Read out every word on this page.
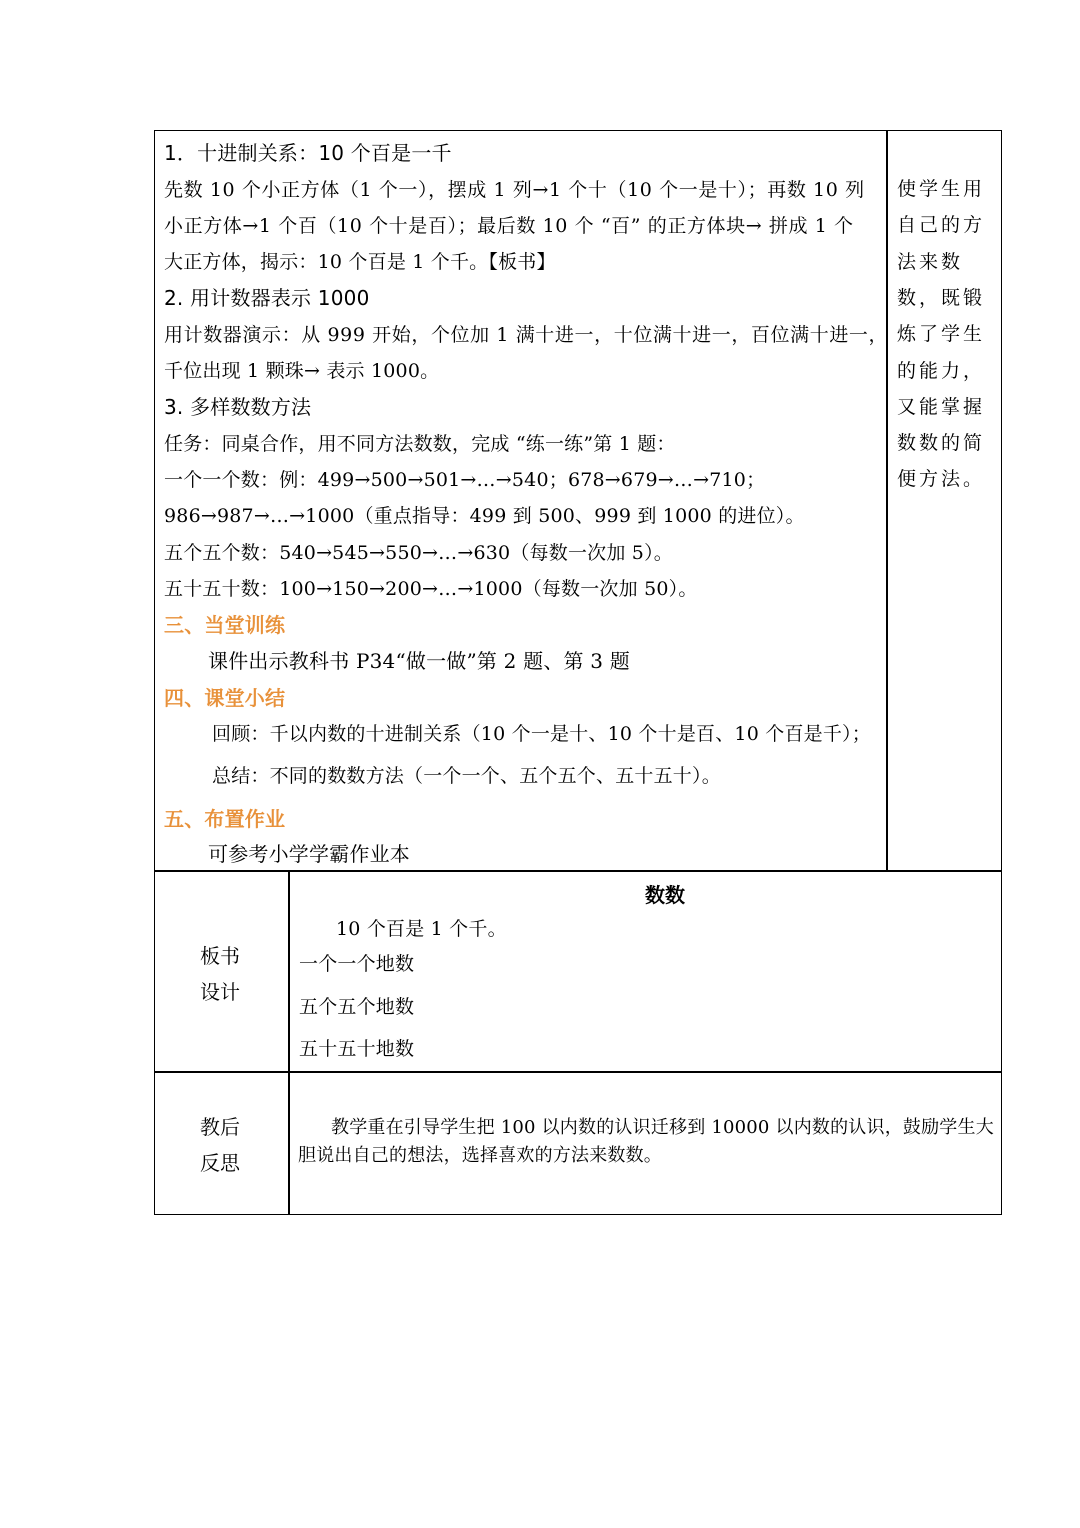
1．十进制关系：10 个百是一千
先数 10 个小正方体（1 个一），摆成 1 列→1 个十（10 个一是十）；再数 10 列
小正方体→1 个百（10 个十是百）；最后数 10 个 “百” 的正方体块→ 拼成 1 个
大正方体，揭示：10 个百是 1 个千。【板书】
2. 用计数器表示 1000
用计数器演示：从 999 开始，个位加 1 满十进一，十位满十进一，百位满十进一，
千位出现 1 颗珠→ 表示 1000。
3. 多样数数方法
任务：同桌合作，用不同方法数数，完成 “练一练”第 1 题：
一个一个数：例：499→500→501→…→540；678→679→…→710；
986→987→…→1000（重点指导：499 到 500、999 到 1000 的进位）。
五个五个数：540→545→550→…→630（每数一次加 5）。
五十五十数：100→150→200→…→1000（每数一次加 50）。
三、当堂训练
课件出示教科书 P34“做一做”第 2 题、第 3 题
四、课堂小结
回顾：千以内数的十进制关系（10 个一是十、10 个十是百、10 个百是千）；
总结：不同的数数方法（一个一个、五个五个、五十五十）。
五、布置作业
可参考小学学霸作业本
使学生用
自己的方
法来数
数，既锻
炼了学生
的能力，
又能掌握
数数的简
便方法。
板书
设计
数数
10 个百是 1 个千。
一个一个地数
五个五个地数
五十五十地数
教后
反思
教学重在引导学生把 100 以内数的认识迁移到 10000 以内数的认识，鼓励学生大
胆说出自己的想法，选择喜欢的方法来数数。
